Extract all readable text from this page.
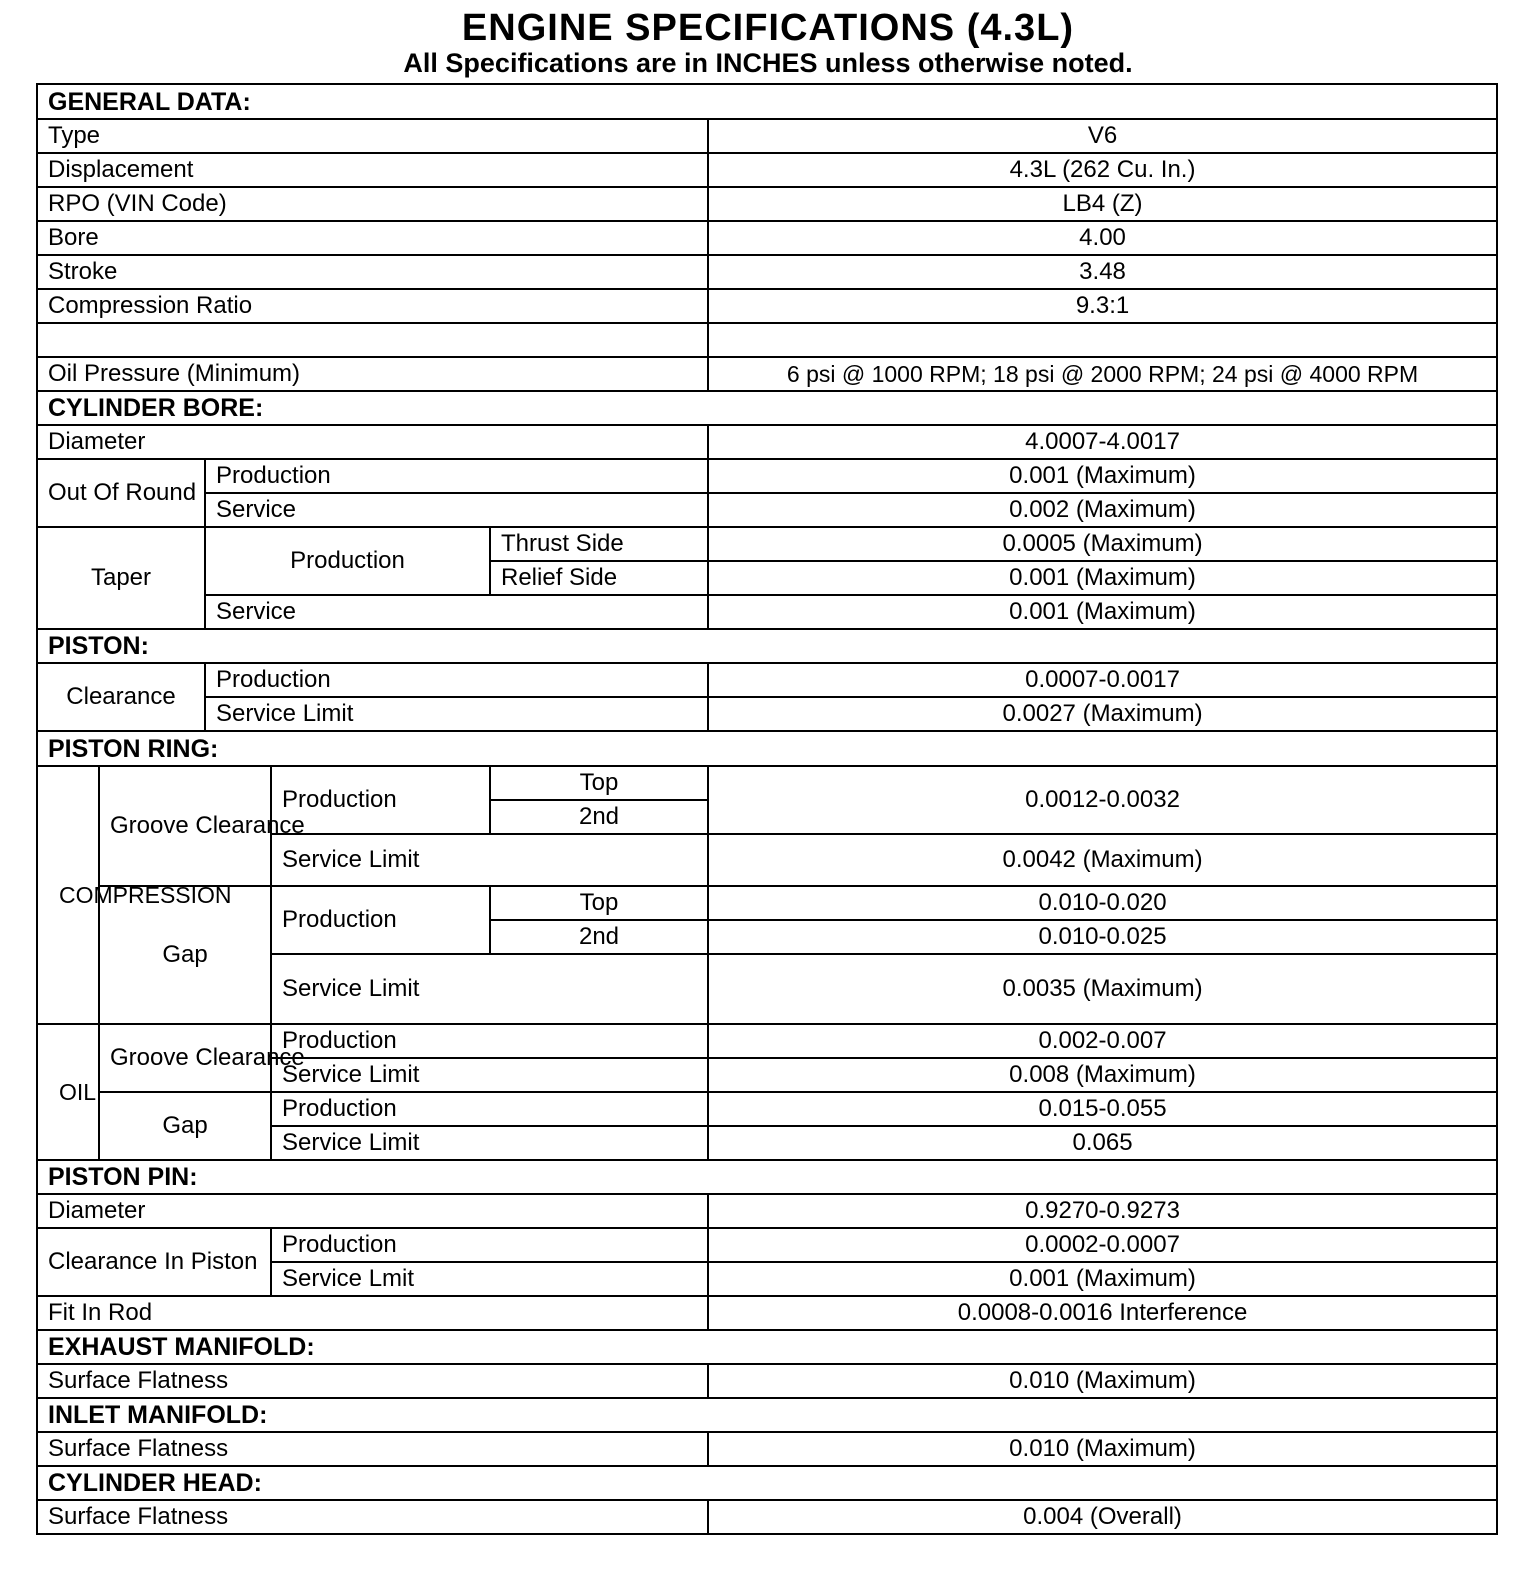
ENGINE SPECIFICATIONS (4.3L)
All Specifications are in INCHES unless otherwise noted.
GENERAL DATA:					
Type					V6
Displacement					4.3L (262 Cu. In.)
RPO (VIN Code)					LB4 (Z)
Bore					4.00
Stroke					3.48
Compression Ratio					9.3:1

Oil Pressure (Minimum)					6 psi @ 1000 RPM; 18 psi @ 2000 RPM; 24 psi @ 4000 RPM
CYLINDER BORE:					
Diameter					4.0007-4.0017
Out Of Round		Production			0.001 (Maximum)
		Service			0.002 (Maximum)
Taper		Production		Thrust Side	0.0005 (Maximum)
				Relief Side	0.001 (Maximum)
		Service			0.001 (Maximum)
PISTON:					
Clearance		Production			0.0007-0.0017
		Service Limit			0.0027 (Maximum)
PISTON RING:					
COMPRESSION	Groove Clearance		Production	Top	0.0012-0.0032
				2nd	
			Service Limit		0.0042 (Maximum)
	Gap		Production	Top	0.010-0.020
				2nd	0.010-0.025
			Service Limit		0.0035 (Maximum)

OIL	Groove Clearance		Production		0.002-0.007
			Service Limit		0.008 (Maximum)
	Gap		Production		0.015-0.055
			Service Limit		0.065
PISTON PIN:					
Diameter					0.9270-0.9273
Clearance In Piston			Production		0.0002-0.0007
			Service Lmit		0.001 (Maximum)
Fit In Rod					0.0008-0.0016 Interference
EXHAUST MANIFOLD:					
Surface Flatness					0.010 (Maximum)
INLET MANIFOLD:					
Surface Flatness					0.010 (Maximum)
CYLINDER HEAD:					
Surface Flatness					0.004 (Overall)
